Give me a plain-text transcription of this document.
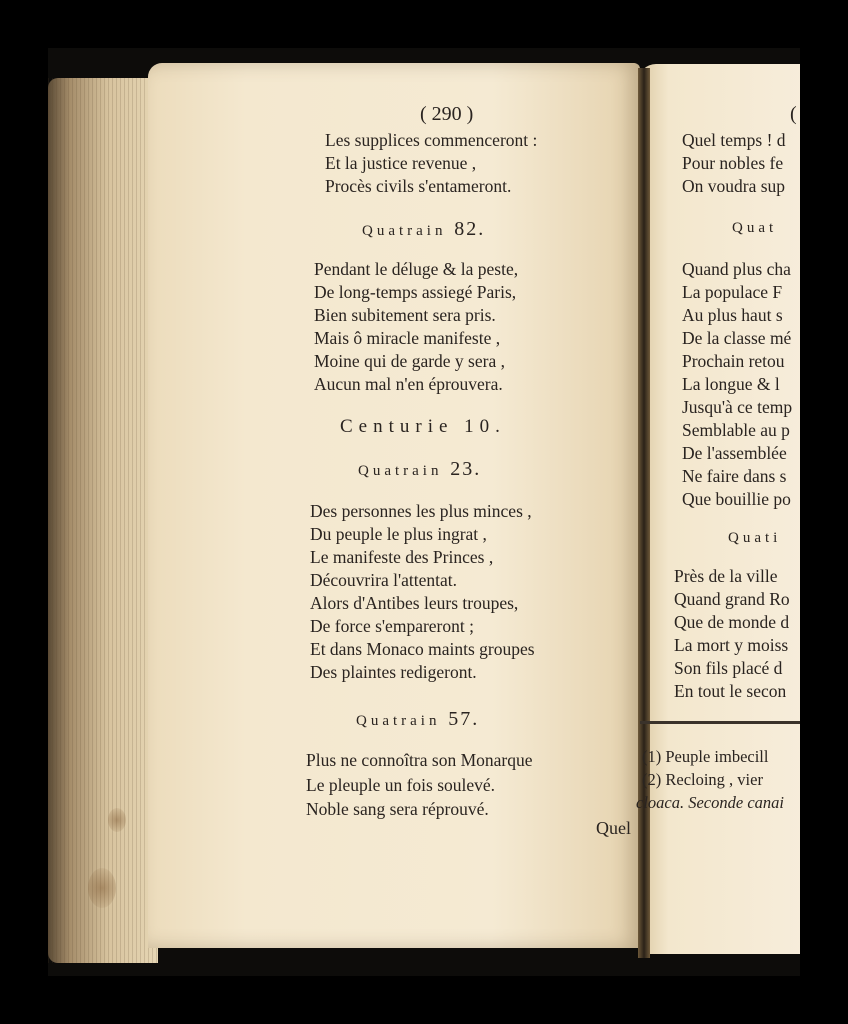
( 290 )
Les supplices commenceront :
Et la justice revenue ,
Procès civils s'entameront.
Quatrain 82.
Pendant le déluge & la peste,
De long-temps assiegé Paris,
Bien subitement sera pris.
Mais ô miracle manifeste ,
Moine qui de garde y sera ,
Aucun mal n'en éprouvera.
Centurie 10.
Quatrain 23.
Des personnes les plus minces ,
Du peuple le plus ingrat ,
Le manifeste des Princes ,
Découvrira l'attentat.
Alors d'Antibes leurs troupes,
De force s'empareront ;
Et dans Monaco maints groupes
Des plaintes redigeront.
Quatrain 57.
Plus ne connoîtra son Monarque
Le pleuple un fois soulevé.
Noble sang sera réprouvé.
Quel
(
Quel temps ! d
Pour nobles fe
On voudra sup
Quat
Quand plus cha
La populace F
Au plus haut s
De la classe mé
Prochain retou
La longue & l
Jusqu'à ce temp
Semblable au p
De l'assemblée
Ne faire dans s
Que bouillie po
Quati
Près de la ville
Quand grand Ro
Que de monde d
La mort y moiss
Son fils placé d
En tout le secon
(1) Peuple imbecill
(2) Recloing , vier
cloaca. Seconde canai
